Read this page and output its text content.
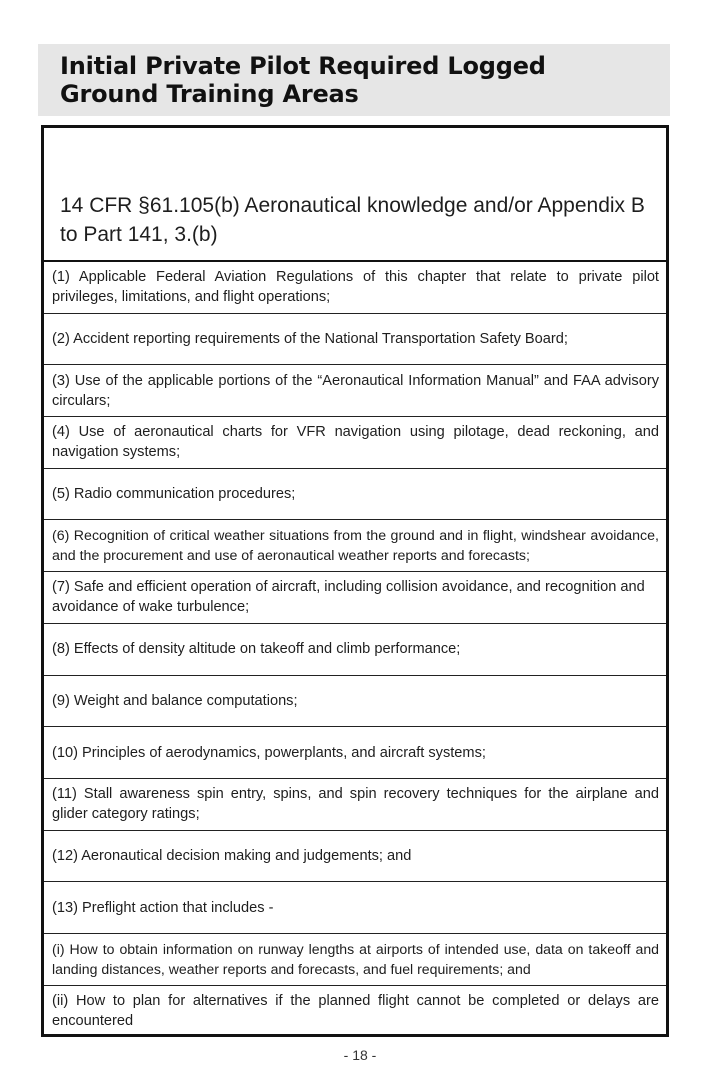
Initial Private Pilot Required Logged Ground Training Areas
14 CFR §61.105(b) Aeronautical knowledge and/or Appendix B to Part 141, 3.(b)
(1) Applicable Federal Aviation Regulations of this chapter that relate to private pilot privileges, limitations, and flight operations;
(2) Accident reporting requirements of the National Transportation Safety Board;
(3) Use of the applicable portions of the “Aeronautical Information Manual” and FAA advisory circulars;
(4) Use of aeronautical charts for VFR navigation using pilotage, dead reckoning, and navigation systems;
(5) Radio communication procedures;
(6) Recognition of critical weather situations from the ground and in flight, windshear avoidance, and the procurement and use of aeronautical weather reports and forecasts;
(7) Safe and efficient operation of aircraft, including collision avoidance, and recognition and avoidance of wake turbulence;
(8) Effects of density altitude on takeoff and climb performance;
(9) Weight and balance computations;
(10) Principles of aerodynamics, powerplants, and aircraft systems;
(11) Stall awareness spin entry, spins, and spin recovery techniques for the airplane and glider category ratings;
(12) Aeronautical decision making and judgements; and
(13) Preflight action that includes -
(i) How to obtain information on runway lengths at airports of intended use, data on takeoff and landing distances, weather reports and forecasts, and fuel requirements; and
(ii) How to plan for alternatives if the planned flight cannot be completed or delays are encountered
- 18 -
